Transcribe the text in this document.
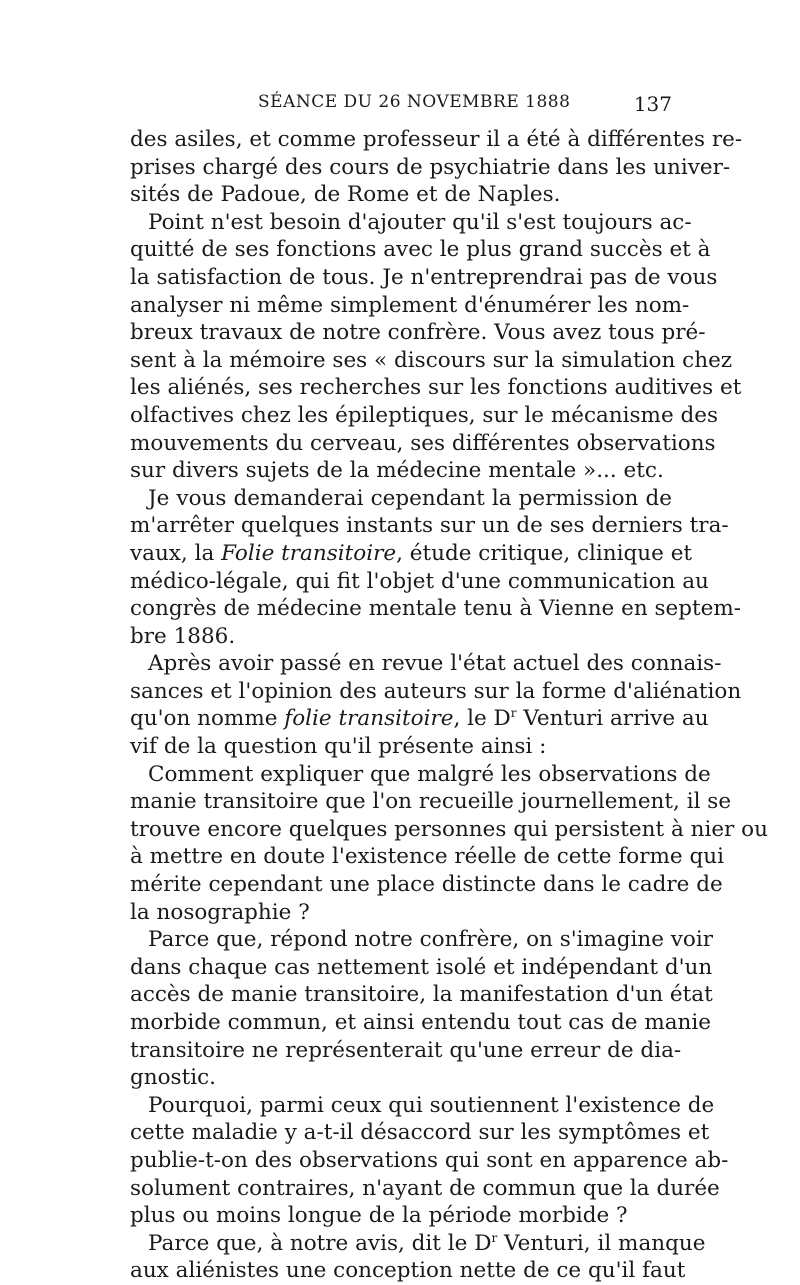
SÉANCE DU 26 NOVEMBRE 1888	137
des asiles, et comme professeur il a été à différentes re-
prises chargé des cours de psychiatrie dans les univer-
sités de Padoue, de Rome et de Naples.
Point n'est besoin d'ajouter qu'il s'est toujours ac-
quitté de ses fonctions avec le plus grand succès et à
la satisfaction de tous. Je n'entreprendrai pas de vous
analyser ni même simplement d'énumérer les nom-
breux travaux de notre confrère. Vous avez tous pré-
sent à la mémoire ses « discours sur la simulation chez
les aliénés, ses recherches sur les fonctions auditives et
olfactives chez les épileptiques, sur le mécanisme des
mouvements du cerveau, ses différentes observations
sur divers sujets de la médecine mentale »... etc.
Je vous demanderai cependant la permission de
m'arrêter quelques instants sur un de ses derniers tra-
vaux, la Folie transitoire, étude critique, clinique et
médico-légale, qui fit l'objet d'une communication au
congrès de médecine mentale tenu à Vienne en septem-
bre 1886.
Après avoir passé en revue l'état actuel des connais-
sances et l'opinion des auteurs sur la forme d'aliénation
qu'on nomme folie transitoire, le $D^r$ Venturi arrive au
vif de la question qu'il présente ainsi :
Comment expliquer que malgré les observations de
manie transitoire que l'on recueille journellement, il se
trouve encore quelques personnes qui persistent à nier ou
à mettre en doute l'existence réelle de cette forme qui
mérite cependant une place distincte dans le cadre de
la nosographie ?
Parce que, répond notre confrère, on s'imagine voir
dans chaque cas nettement isolé et indépendant d'un
accès de manie transitoire, la manifestation d'un état
morbide commun, et ainsi entendu tout cas de manie
transitoire ne représenterait qu'une erreur de dia-
gnostic.
Pourquoi, parmi ceux qui soutiennent l'existence de
cette maladie y a-t-il désaccord sur les symptômes et
publie-t-on des observations qui sont en apparence ab-
solument contraires, n'ayant de commun que la durée
plus ou moins longue de la période morbide ?
Parce que, à notre avis, dit le $D^r$ Venturi, il manque
aux aliénistes une conception nette de ce qu'il faut
